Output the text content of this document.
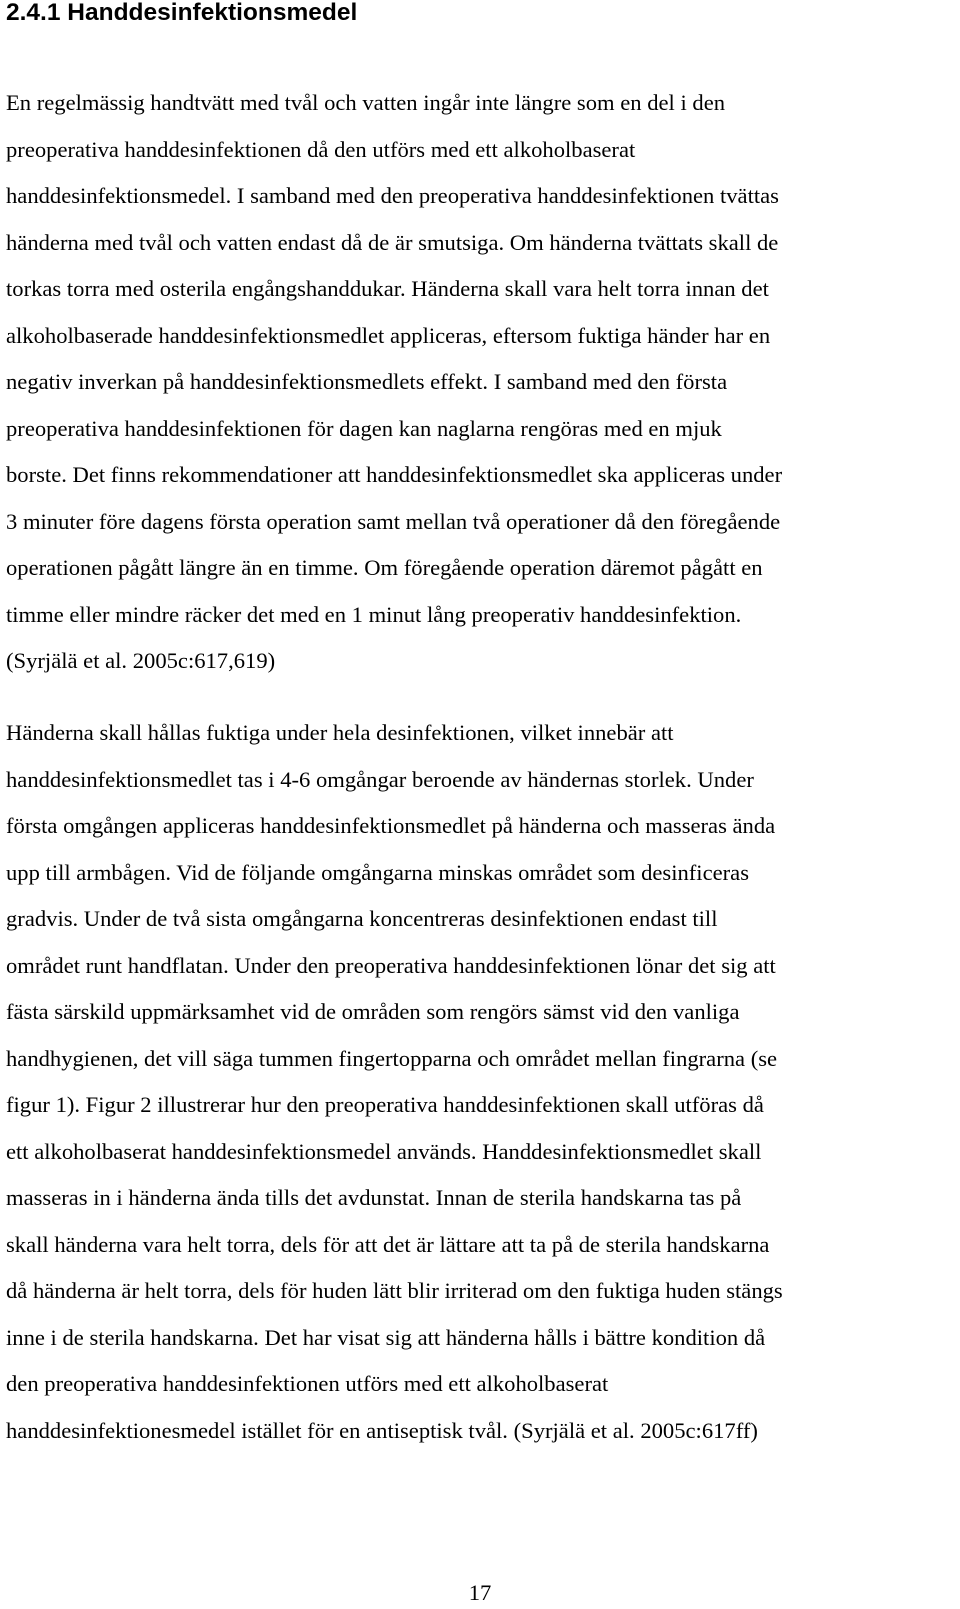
2.4.1 Handdesinfektionsmedel
En regelmässig handtvätt med tvål och vatten ingår inte längre som en del i den
preoperativa handdesinfektionen då den utförs med ett alkoholbaserat
handdesinfektionsmedel. I samband med den preoperativa handdesinfektionen tvättas
händerna med tvål och vatten endast då de är smutsiga. Om händerna tvättats skall de
torkas torra med osterila engångshanddukar. Händerna skall vara helt torra innan det
alkoholbaserade handdesinfektionsmedlet appliceras, eftersom fuktiga händer har en
negativ inverkan på handdesinfektionsmedlets effekt. I samband med den första
preoperativa handdesinfektionen för dagen kan naglarna rengöras med en mjuk
borste. Det finns rekommendationer att handdesinfektionsmedlet ska appliceras under
3 minuter före dagens första operation samt mellan två operationer då den föregående
operationen pågått längre än en timme. Om föregående operation däremot pågått en
timme eller mindre räcker det med en 1 minut lång preoperativ handdesinfektion.
(Syrjälä et al. 2005c:617,619)
Händerna skall hållas fuktiga under hela desinfektionen, vilket innebär att
handdesinfektionsmedlet tas i 4-6 omgångar beroende av händernas storlek. Under
första omgången appliceras handdesinfektionsmedlet på händerna och masseras ända
upp till armbågen. Vid de följande omgångarna minskas området som desinficeras
gradvis. Under de två sista omgångarna koncentreras desinfektionen endast till
området runt handflatan. Under den preoperativa handdesinfektionen lönar det sig att
fästa särskild uppmärksamhet vid de områden som rengörs sämst vid den vanliga
handhygienen, det vill säga tummen fingertopparna och området mellan fingrarna (se
figur 1). Figur 2 illustrerar hur den preoperativa handdesinfektionen skall utföras då
ett alkoholbaserat handdesinfektionsmedel används. Handdesinfektionsmedlet skall
masseras in i händerna ända tills det avdunstat. Innan de sterila handskarna tas på
skall händerna vara helt torra, dels för att det är lättare att ta på de sterila handskarna
då händerna är helt torra, dels för huden lätt blir irriterad om den fuktiga huden stängs
inne i de sterila handskarna. Det har visat sig att händerna hålls i bättre kondition då
den preoperativa handdesinfektionen utförs med ett alkoholbaserat
handdesinfektionesmedel istället för en antiseptisk tvål. (Syrjälä et al. 2005c:617ff)
17
